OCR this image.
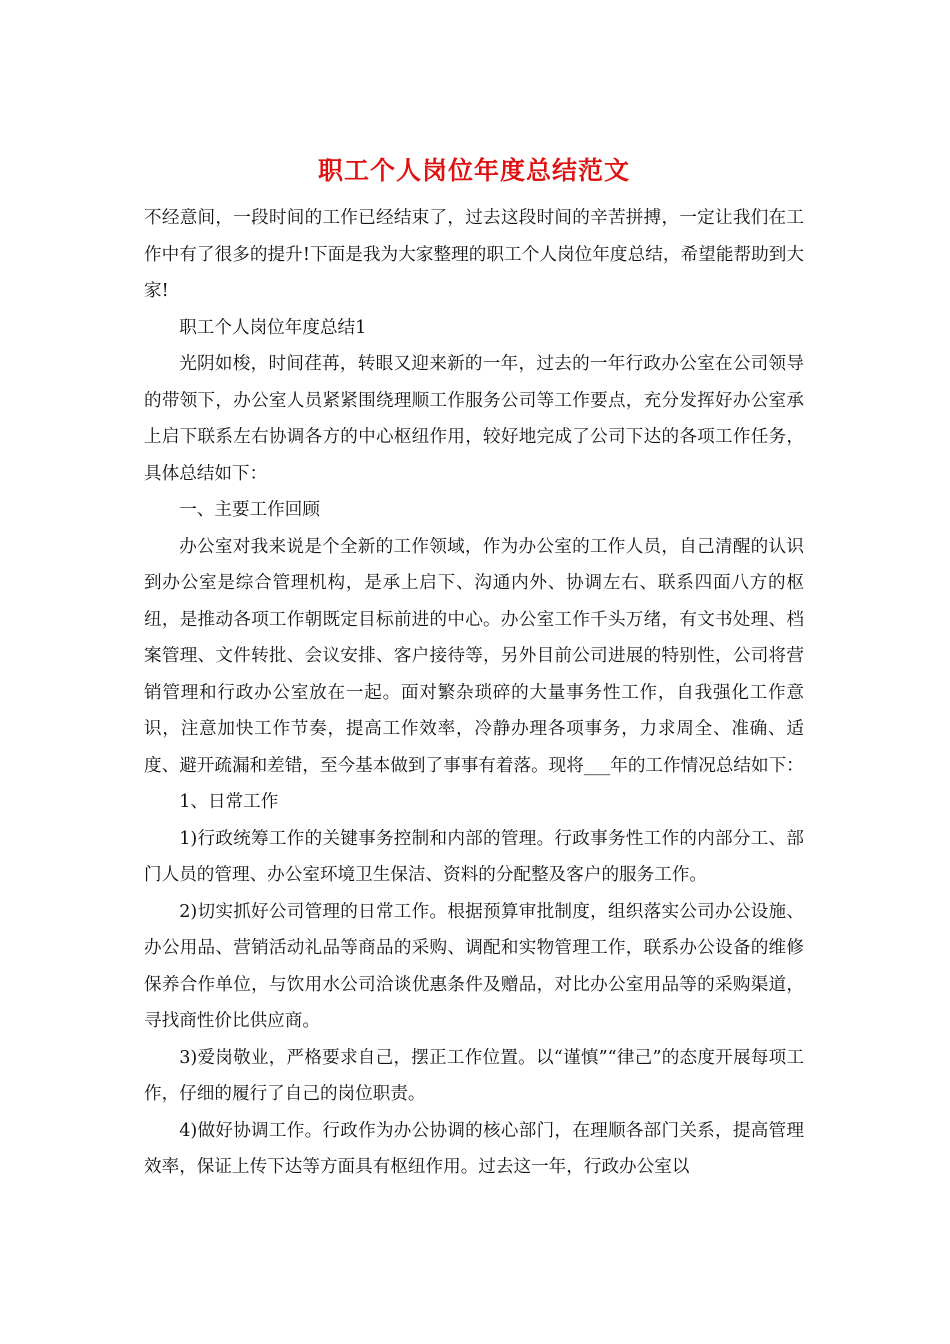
职工个人岗位年度总结范文

不经意间，一段时间的工作已经结束了，过去这段时间的辛苦拼搏，一定让我们在工作中有了很多的提升!下面是我为大家整理的职工个人岗位年度总结，希望能帮助到大家!

职工个人岗位年度总结1

光阴如梭，时间荏苒，转眼又迎来新的一年，过去的一年行政办公室在公司领导的带领下，办公室人员紧紧围绕理顺工作服务公司等工作要点，充分发挥好办公室承上启下联系左右协调各方的中心枢纽作用，较好地完成了公司下达的各项工作任务，具体总结如下：

一、主要工作回顾

办公室对我来说是个全新的工作领域，作为办公室的工作人员，自己清醒的认识到办公室是综合管理机构，是承上启下、沟通内外、协调左右、联系四面八方的枢纽，是推动各项工作朝既定目标前进的中心。办公室工作千头万绪，有文书处理、档案管理、文件转批、会议安排、客户接待等，另外目前公司进展的特别性，公司将营销管理和行政办公室放在一起。面对繁杂琐碎的大量事务性工作，自我强化工作意识，注意加快工作节奏，提高工作效率，冷静办理各项事务，力求周全、准确、适度、避开疏漏和差错，至今基本做到了事事有着落。现将___年的工作情况总结如下：

1、日常工作

1)行政统筹工作的关键事务控制和内部的管理。行政事务性工作的内部分工、部门人员的管理、办公室环境卫生保洁、资料的分配整及客户的服务工作。

2)切实抓好公司管理的日常工作。根据预算审批制度，组织落实公司办公设施、办公用品、营销活动礼品等商品的采购、调配和实物管理工作，联系办公设备的维修保养合作单位，与饮用水公司洽谈优惠条件及赠品，对比办公室用品等的采购渠道，寻找商性价比供应商。

3)爱岗敬业，严格要求自己，摆正工作位置。以“谨慎”“律己”的态度开展每项工作，仔细的履行了自己的岗位职责。

4)做好协调工作。行政作为办公协调的核心部门，在理顺各部门关系，提高管理效率，保证上传下达等方面具有枢纽作用。过去这一年，行政办公室以
